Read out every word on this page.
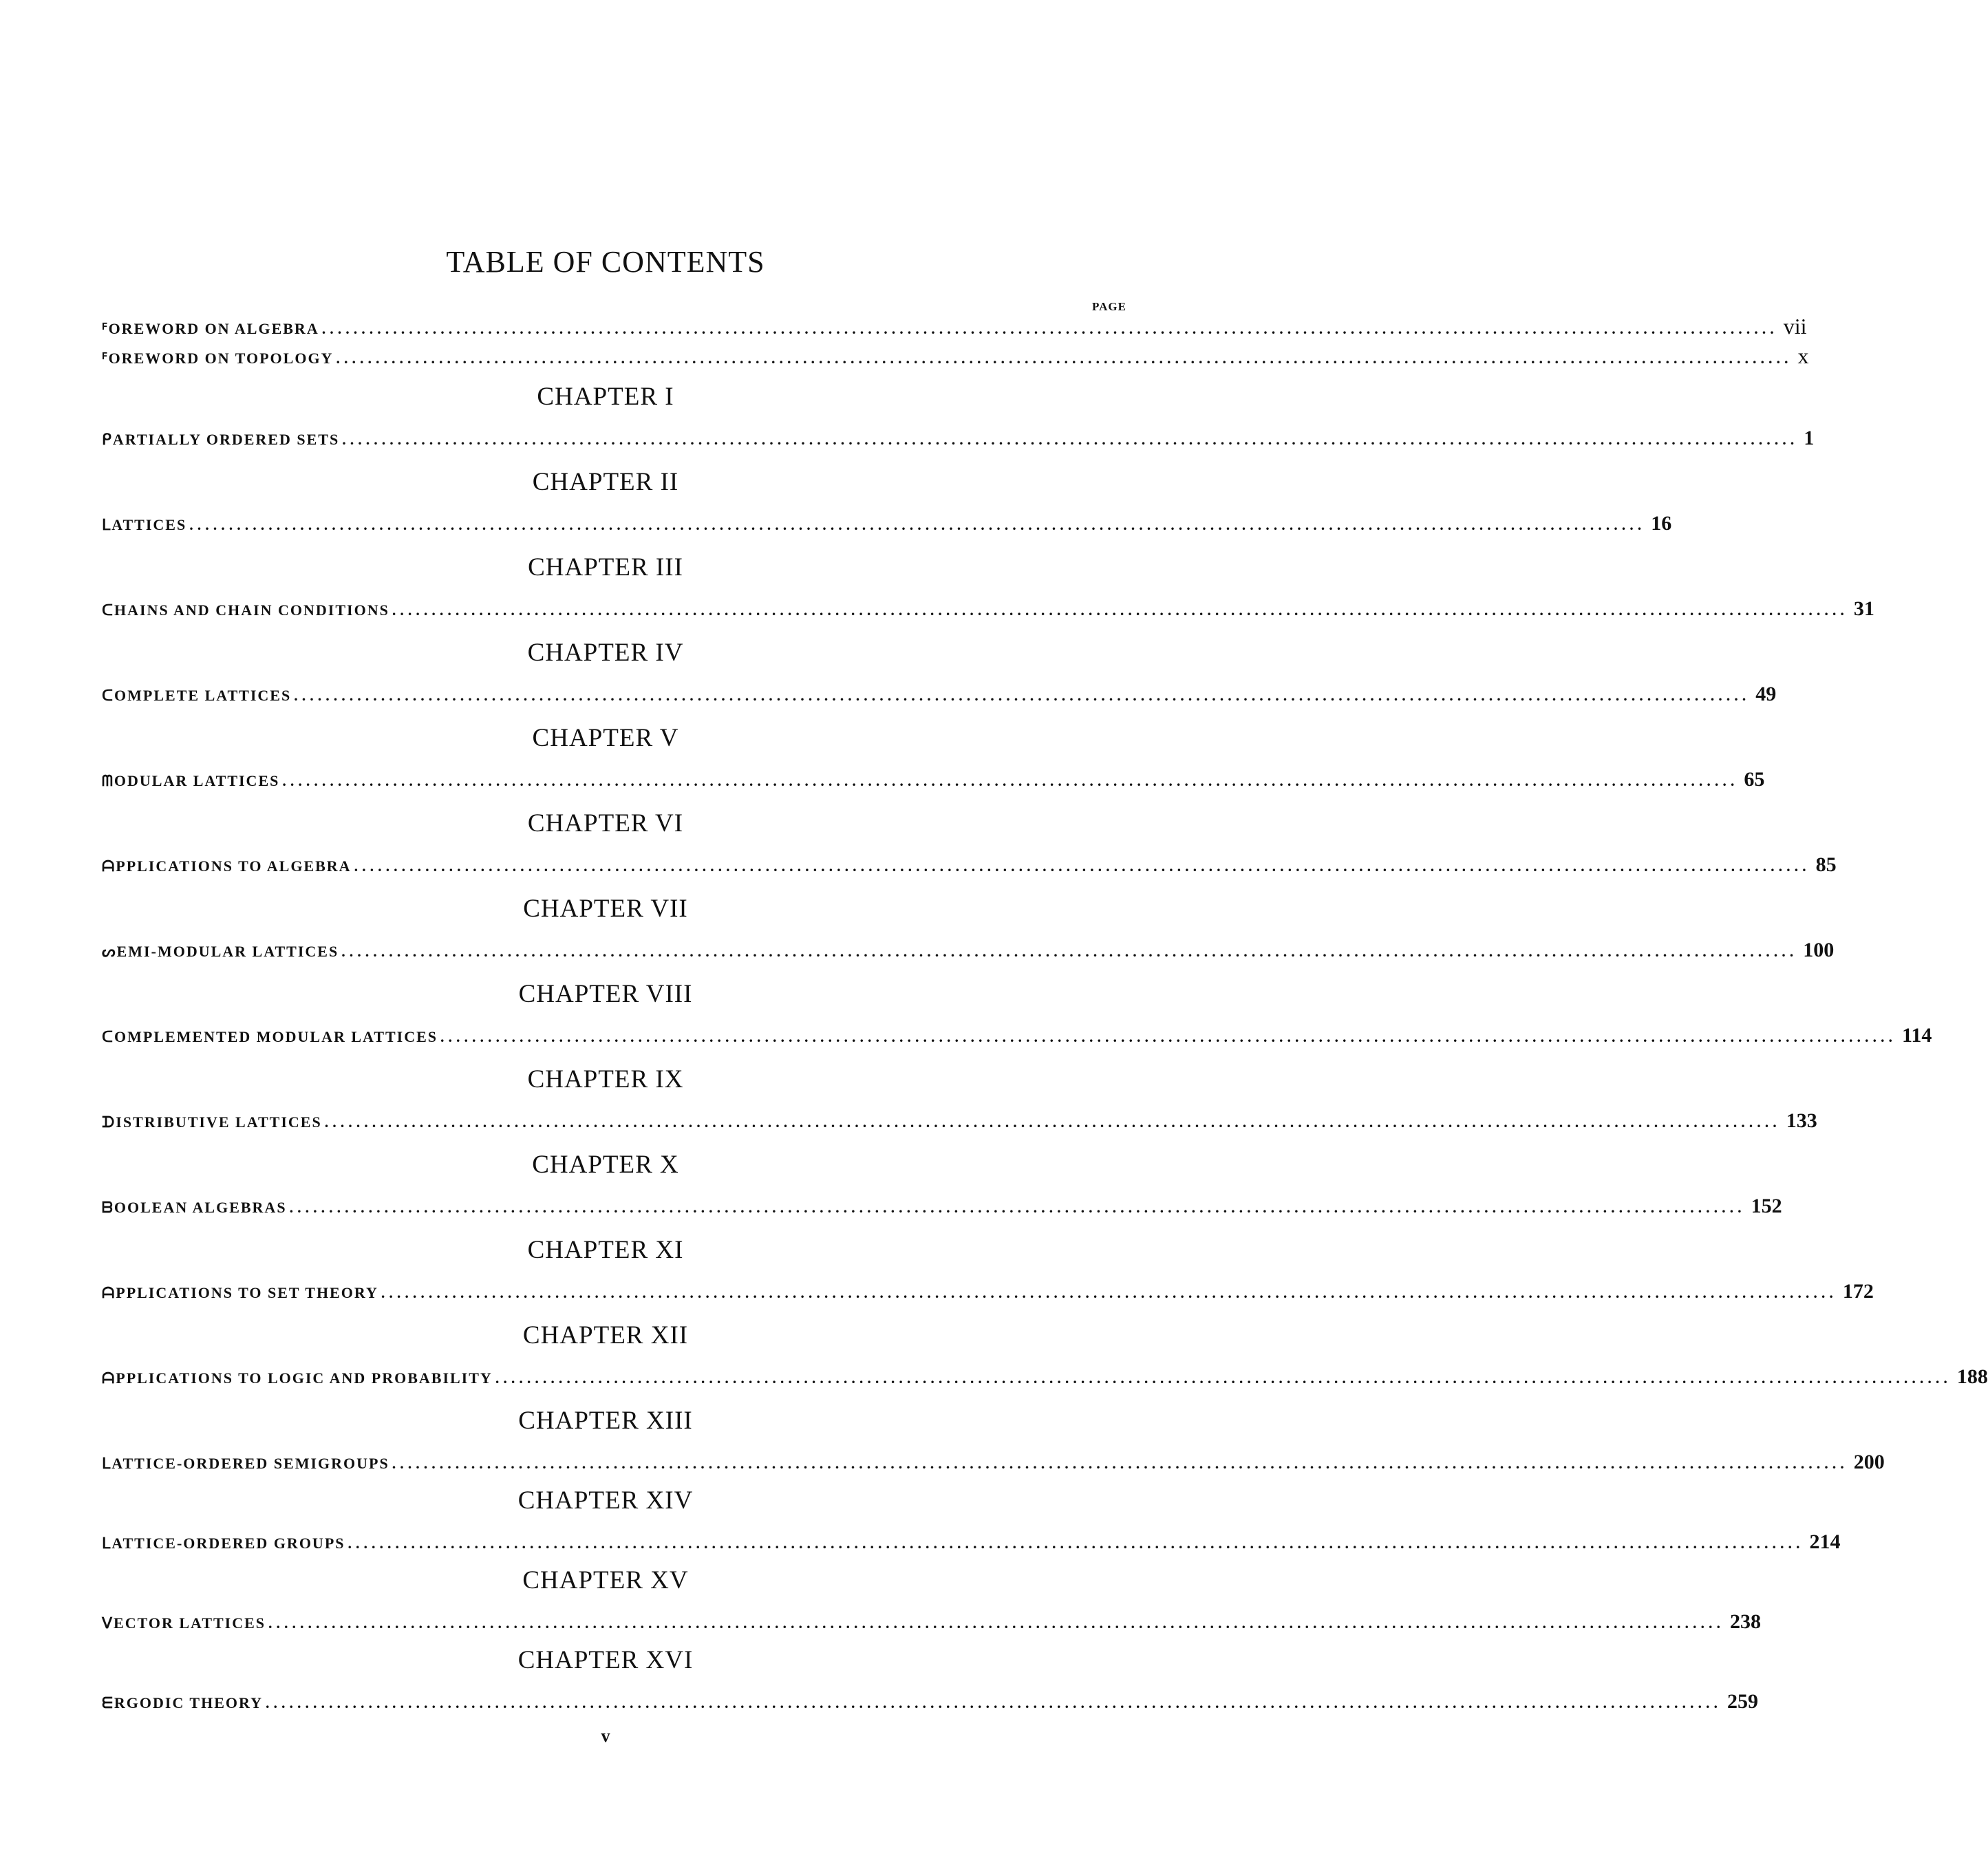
TABLE OF CONTENTS
PAGE
ꟳOREWORD ON ALGEBRA ........................................................................................................................................................................................ vii
ꟳOREWORD ON TOPOLOGY ........................................................................................................................................................................................ x
CHAPTER I
ᑭARTIALLY ORDERED SETS ........................................................................................................................................................................................ 1
CHAPTER II
ᒪATTICES ........................................................................................................................................................................................ 16
CHAPTER III
ᑕHAINS AND CHAIN CONDITIONS ........................................................................................................................................................................................ 31
CHAPTER IV
ᑕOMPLETE LATTICES ........................................................................................................................................................................................ 49
CHAPTER V
ᗰODULAR LATTICES ........................................................................................................................................................................................ 65
CHAPTER VI
ᗩPPLICATIONS TO ALGEBRA ........................................................................................................................................................................................ 85
CHAPTER VII
ᔕEMI-MODULAR LATTICES ........................................................................................................................................................................................ 100
CHAPTER VIII
ᑕOMPLEMENTED MODULAR LATTICES ........................................................................................................................................................................................ 114
CHAPTER IX
ᗪISTRIBUTIVE LATTICES ........................................................................................................................................................................................ 133
CHAPTER X
ᗷOOLEAN ALGEBRAS ........................................................................................................................................................................................ 152
CHAPTER XI
ᗩPPLICATIONS TO SET THEORY ........................................................................................................................................................................................ 172
CHAPTER XII
ᗩPPLICATIONS TO LOGIC AND PROBABILITY ........................................................................................................................................................................................ 188
CHAPTER XIII
ᒪATTICE-ORDERED SEMIGROUPS ........................................................................................................................................................................................ 200
CHAPTER XIV
ᒪATTICE-ORDERED GROUPS ........................................................................................................................................................................................ 214
CHAPTER XV
ᐯECTOR LATTICES ........................................................................................................................................................................................ 238
CHAPTER XVI
ᗴRGODIC THEORY ........................................................................................................................................................................................ 259
v
